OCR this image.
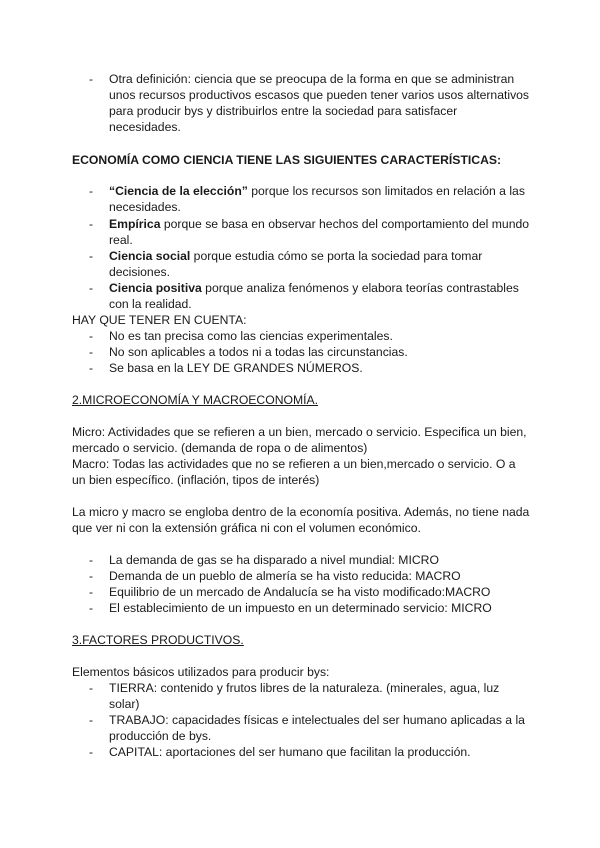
- Otra definición: ciencia que se preocupa de la forma en que se administran
unos recursos productivos escasos que pueden tener varios usos alternativos
para producir bys y distribuirlos entre la sociedad para satisfacer
necesidades.
ECONOMÍA COMO CIENCIA TIENE LAS SIGUIENTES CARACTERÍSTICAS:
- “Ciencia de la elección” porque los recursos son limitados en relación a las
necesidades.
- Empírica porque se basa en observar hechos del comportamiento del mundo
real.
- Ciencia social porque estudia cómo se porta la sociedad para tomar
decisiones.
- Ciencia positiva porque analiza fenómenos y elabora teorías contrastables
con la realidad.
HAY QUE TENER EN CUENTA:
- No es tan precisa como las ciencias experimentales.
- No son aplicables a todos ni a todas las circunstancias.
- Se basa en la LEY DE GRANDES NÚMEROS.
2.MICROECONOMÍA Y MACROECONOMÍA.
Micro: Actividades que se refieren a un bien, mercado o servicio. Especifica un bien,
mercado o servicio. (demanda de ropa o de alimentos)
Macro: Todas las actividades que no se refieren a un bien,mercado o servicio. O a
un bien específico. (inflación, tipos de interés)
La micro y macro se engloba dentro de la economía positiva. Además, no tiene nada
que ver ni con la extensión gráfica ni con el volumen económico.
- La demanda de gas se ha disparado a nivel mundial: MICRO
- Demanda de un pueblo de almería se ha visto reducida: MACRO
- Equilibrio de un mercado de Andalucía se ha visto modificado:MACRO
- El establecimiento de un impuesto en un determinado servicio: MICRO
3.FACTORES PRODUCTIVOS.
Elementos básicos utilizados para producir bys:
- TIERRA: contenido y frutos libres de la naturaleza. (minerales, agua, luz
solar)
- TRABAJO: capacidades físicas e intelectuales del ser humano aplicadas a la
producción de bys.
- CAPITAL: aportaciones del ser humano que facilitan la producción.
